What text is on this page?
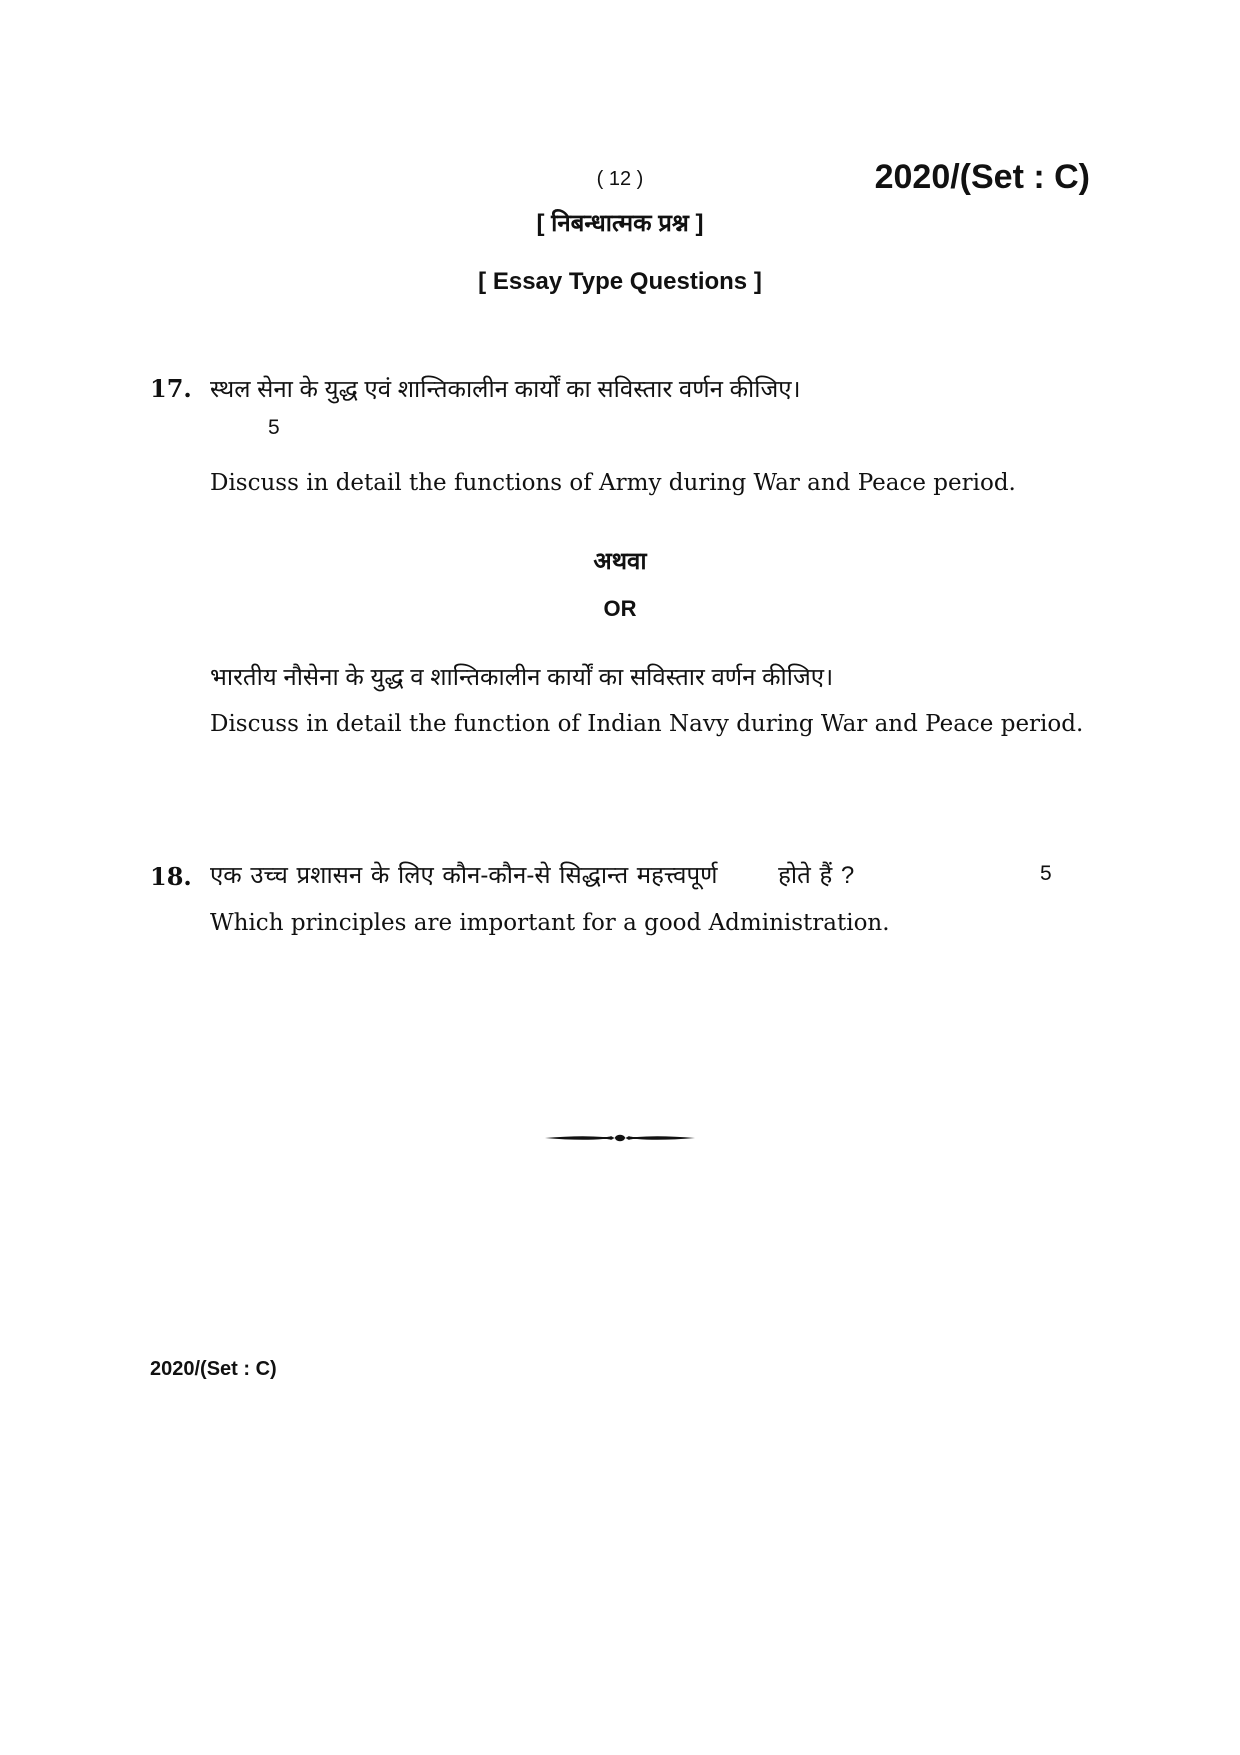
( 12 )	2020/(Set : C)
[ निबन्धात्मक प्रश्न ]
[ Essay Type Questions ]
17. स्थल सेना के युद्ध एवं शान्तिकालीन कार्यों का सविस्तार वर्णन कीजिए।
5
Discuss in detail the functions of Army during War and Peace period.
अथवा
OR
भारतीय नौसेना के युद्ध व शान्तिकालीन कार्यों का सविस्तार वर्णन कीजिए।
Discuss in detail the function of Indian Navy during War and Peace period.
18. एक उच्च प्रशासन के लिए कौन-कौन-से सिद्धान्त महत्त्वपूर्ण       होते हैं ?	5
Which principles are important for a good Administration.
2020/(Set : C)
